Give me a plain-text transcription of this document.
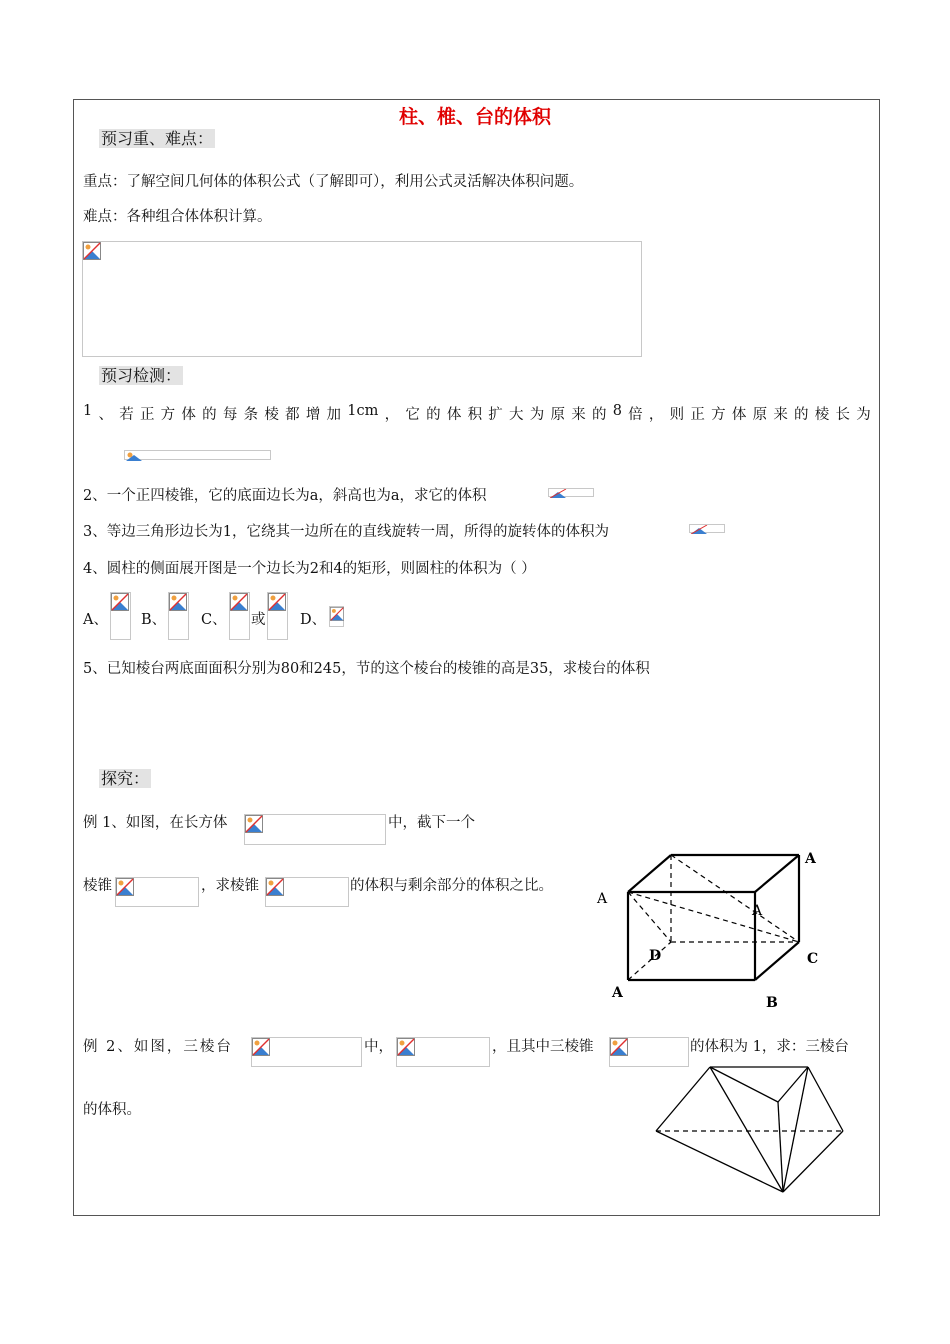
柱、椎、台的体积
预习重、难点：
重点：了解空间几何体的体积公式（了解即可），利用公式灵活解决体积问题。
难点：各种组合体体积计算。
预习检测：
1 、 若 正 方 体 的 每 条 棱 都 增 加 1cm ， 它 的 体 积 扩 大 为 原 来 的 8 倍 ， 则 正 方 体 原 来 的 棱 长 为
2、一个正四棱锥，它的底面边长为a，斜高也为a，求它的体积
3、等边三角形边长为1，它绕其一边所在的直线旋转一周，所得的旋转体的体积为
4、圆柱的侧面展开图是一个边长为2和4的矩形，则圆柱的体积为（ ）
A、 B、 C、 或 D、
5、已知棱台两底面面积分别为80和245，节的这个棱台的棱锥的高是35，求棱台的体积
探究：
例 1、如图，在长方体	中，截下一个
棱锥	，求棱锥	的体积与剩余部分的体积之比。
A
A
A
D	C
A
B
例 2、如图，三棱台	中，	，且其中三棱锥	的体积为 1，求：三棱台
的体积。
